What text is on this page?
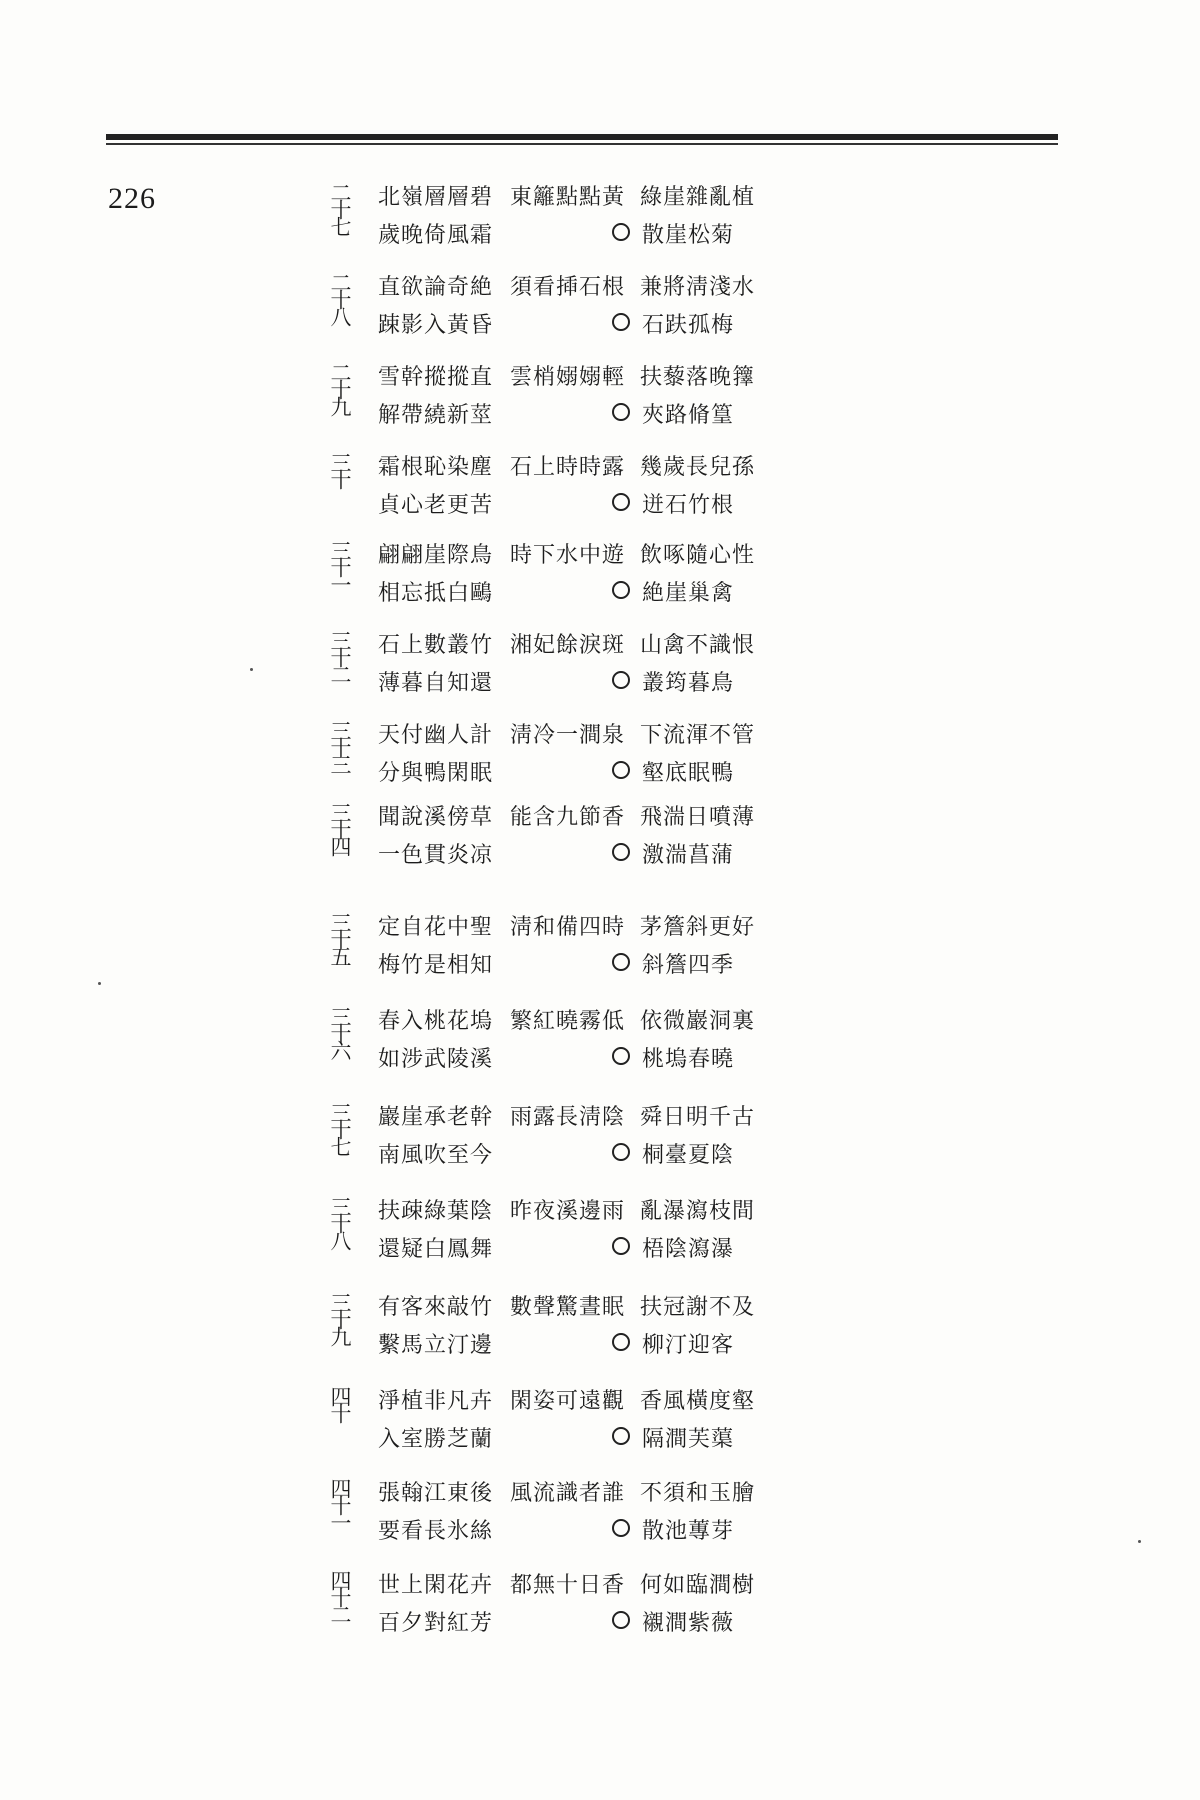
226	二十七 北嶺層層碧 東籬點點黃 綠崖雜亂植
歲晚倚風霜	散崖松菊
二十八 直欲論奇絶 須看揷石根 兼將淸淺水
踈影入黃昏	石趺孤梅
二十九 雪幹摐摐直 雲梢嫋嫋輕 扶藜落晚籜
解帶繞新莖	夾路脩篁
三十 霜根恥染塵 石上時時露 幾歲長兒孫
貞心老更苦	迸石竹根
三十一 翩翩崖際鳥 時下水中遊 飲啄隨心性
相忘抵白鷗	絶崖巢禽
三十二 石上數叢竹 湘妃餘淚斑 山禽不識恨
薄暮自知還	叢筠暮鳥
三十三 天付幽人計 淸冷一澗泉 下流渾不管
分與鴨閑眠	壑底眠鴨
三十四 聞說溪傍草 能含九節香 飛湍日噴薄
一色貫炎凉	激湍菖蒲
三十五 定自花中聖 淸和備四時 茅簷斜更好
梅竹是相知	斜簷四季
三十六 春入桃花塢 繁紅曉霧低 依微巖洞裏
如涉武陵溪	桃塢春曉
三十七 巖崖承老幹 雨露長淸陰 舜日明千古
南風吹至今	桐臺夏陰
三十八 扶疎綠葉陰 昨夜溪邊雨 亂瀑瀉枝間
還疑白鳳舞	梧陰瀉瀑
三十九 有客來敲竹 數聲驚晝眠 扶冠謝不及
繫馬立汀邊	柳汀迎客
四十 淨植非凡卉 閑姿可遠觀 香風橫度壑
入室勝芝蘭	隔澗芙蕖
四十一 張翰江東後 風流識者誰 不須和玉膾
要看長氷絲	散池蓴芽
四十二 世上閑花卉 都無十日香 何如臨澗樹
百夕對紅芳	襯澗紫薇
